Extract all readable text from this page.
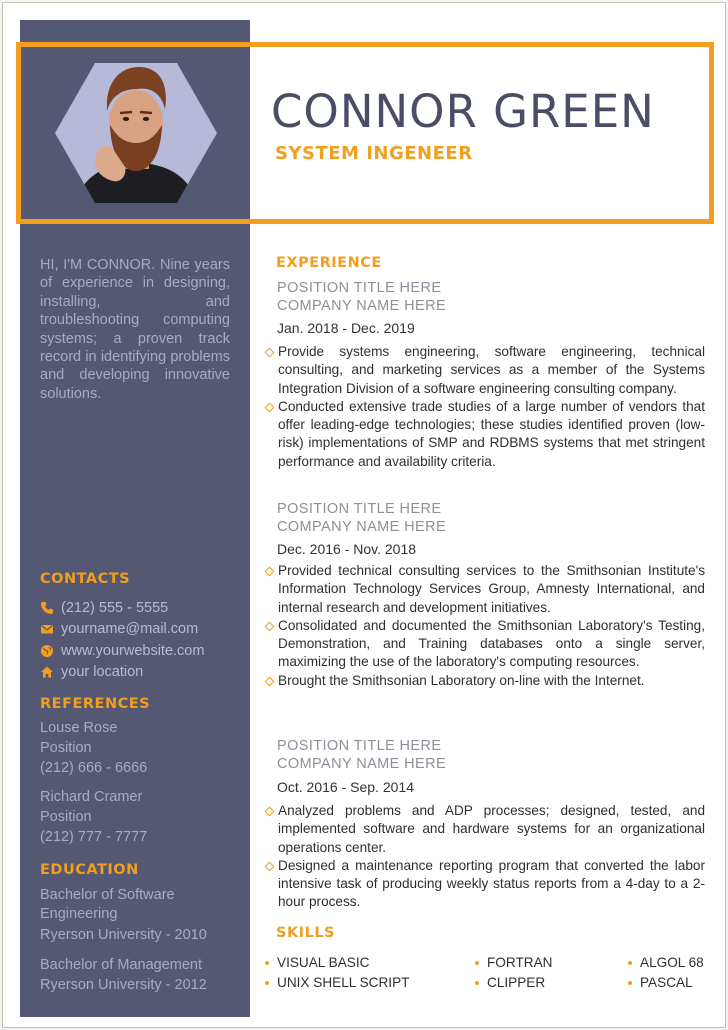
CONNOR GREEN
SYSTEM INGENEER
HI, I'M CONNOR. Nine years of experience in designing, installing, and troubleshooting computing systems; a proven track record in identifying problems and developing innovative solutions.
CONTACTS
(212) 555 - 5555
yourname@mail.com
www.yourwebsite.com
your location
REFERENCES
Louse Rose
Position
(212) 666 - 6666
Richard Cramer
Position
(212) 777 - 7777
EDUCATION
Bachelor of Software
Engineering
Ryerson University - 2010
Bachelor of Management
Ryerson University - 2012
EXPERIENCE
POSITION TITLE HERE
COMPANY NAME HERE
Jan. 2018 - Dec. 2019
Provide systems engineering, software engineering, technical consulting, and marketing services as a member of the Systems Integration Division of a software engineering consulting company.
Conducted extensive trade studies of a large number of vendors that offer leading-edge technologies; these studies identified proven (low-risk) implementations of SMP and RDBMS systems that met stringent performance and availability criteria.
POSITION TITLE HERE
COMPANY NAME HERE
Dec. 2016 - Nov. 2018
Provided technical consulting services to the Smithsonian Institute's Information Technology Services Group, Amnesty International, and internal research and development initiatives.
Consolidated and documented the Smithsonian Laboratory's Testing, Demonstration, and Training databases onto a single server, maximizing the use of the laboratory's computing resources.
Brought the Smithsonian Laboratory on-line with the Internet.
POSITION TITLE HERE
COMPANY NAME HERE
Oct. 2016 - Sep. 2014
Analyzed problems and ADP processes; designed, tested, and implemented software and hardware systems for an organizational operations center.
Designed a maintenance reporting program that converted the labor intensive task of producing weekly status reports from a 4-day to a 2-hour process.
SKILLS
VISUAL BASIC
UNIX SHELL SCRIPT
FORTRAN
CLIPPER
ALGOL 68
PASCAL
